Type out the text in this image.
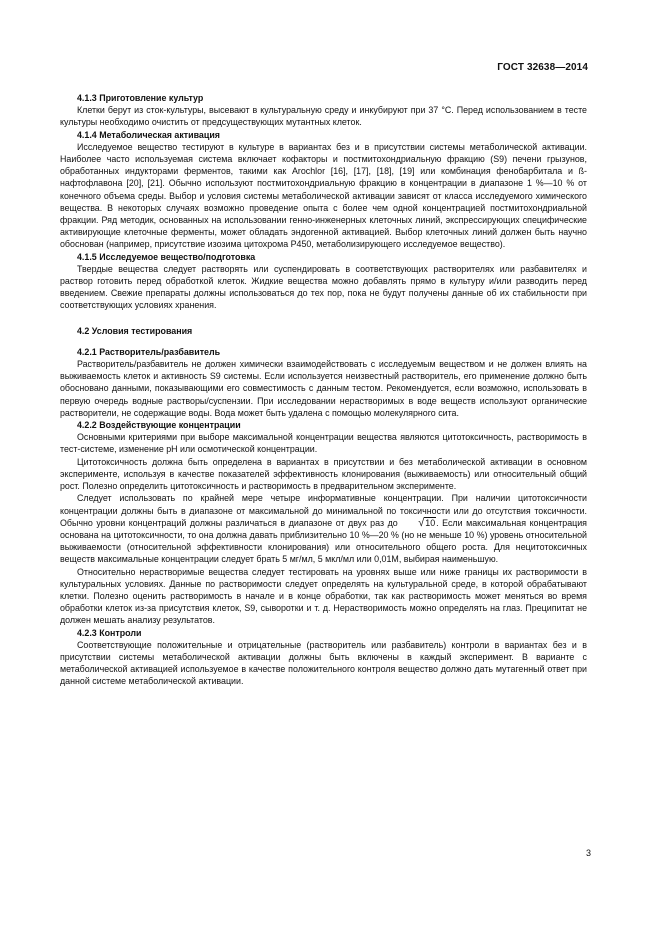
ГОСТ 32638—2014

4.1.3 Приготовление культур

Клетки берут из сток-культуры, высевают в культуральную среду и инкубируют при 37 °С. Перед использованием в тесте культуры необходимо очистить от предсуществующих мутантных клеток.

4.1.4 Метаболическая активация

Исследуемое вещество тестируют в культуре в вариантах без и в присутствии системы метаболической активации. Наиболее часто используемая система включает кофакторы и постмитохондриальную фракцию (S9) печени грызунов, обработанных индукторами ферментов, такими как Arochlor [16], [17], [18], [19] или комбинация фенобарбитала и ß-нафтофлавона [20], [21]. Обычно используют постмитохондриальную фракцию в концентрации в диапазоне 1 %—10 % от конечного объема среды. Выбор и условия системы метаболической активации зависят от класса исследуемого химического вещества. В некоторых случаях возможно проведение опыта с более чем одной концентрацией постмитохондриальной фракции. Ряд методик, основанных на использовании генно-инженерных клеточных линий, экспрессирующих специфические активирующие клеточные ферменты, может обладать эндогенной активацией. Выбор клеточных линий должен быть научно обоснован (например, присутствие изозима цитохрома Р450, метаболизирующего исследуемое вещество).

4.1.5 Исследуемое вещество/подготовка

Твердые вещества следует растворять или суспендировать в соответствующих растворителях или разбавителях и раствор готовить перед обработкой клеток. Жидкие вещества можно добавлять прямо в культуру и/или разводить перед введением. Свежие препараты должны использоваться до тех пор, пока не будут получены данные об их стабильности при соответствующих условиях хранения.

4.2 Условия тестирования

4.2.1 Растворитель/разбавитель

Растворитель/разбавитель не должен химически взаимодействовать с исследуемым веществом и не должен влиять на выживаемость клеток и активность S9 системы. Если используется неизвестный растворитель, его применение должно быть обосновано данными, показывающими его совместимость с данным тестом. Рекомендуется, если возможно, использовать в первую очередь водные растворы/суспензии. При исследовании нерастворимых в воде веществ используют органические растворители, не содержащие воды. Вода может быть удалена с помощью молекулярного сита.

4.2.2 Воздействующие концентрации

Основными критериями при выборе максимальной концентрации вещества являются цитотоксичность, растворимость в тест-системе, изменение рН или осмотической концентрации.

Цитотоксичность должна быть определена в вариантах в присутствии и без метаболической активации в основном эксперименте, используя в качестве показателей эффективность клонирования (выживаемость) или относительный общий рост. Полезно определить цитотоксичность и растворимость в предварительном эксперименте.

Следует использовать по крайней мере четыре информативные концентрации. При наличии цитотоксичности концентрации должны быть в диапазоне от максимальной до минимальной по токсичности или до отсутствия токсичности. Обычно уровни концентраций должны различаться в диапазоне от двух раз до √10. Если максимальная концентрация основана на цитотоксичности, то она должна давать приблизительно 10 %—20 % (но не меньше 10 %) уровень относительной выживаемости (относительной эффективности клонирования) или относительного общего роста. Для нецитотоксичных веществ максимальные концентрации следует брать 5 мг/мл, 5 мкл/мл или 0,01М, выбирая наименьшую.

Относительно нерастворимые вещества следует тестировать на уровнях выше или ниже границы их растворимости в культуральных условиях. Данные по растворимости следует определять на культуральной среде, в которой обрабатывают клетки. Полезно оценить растворимость в начале и в конце обработки, так как растворимость может меняться во время обработки клеток из-за присутствия клеток, S9, сыворотки и т. д. Нерастворимость можно определять на глаз. Преципитат не должен мешать анализу результатов.

4.2.3 Контроли

Соответствующие положительные и отрицательные (растворитель или разбавитель) контроли в вариантах без и в присутствии системы метаболической активации должны быть включены в каждый эксперимент. В варианте с метаболической активацией используемое в качестве положительного контроля вещество должно дать мутагенный ответ при данной системе метаболической активации.

3
